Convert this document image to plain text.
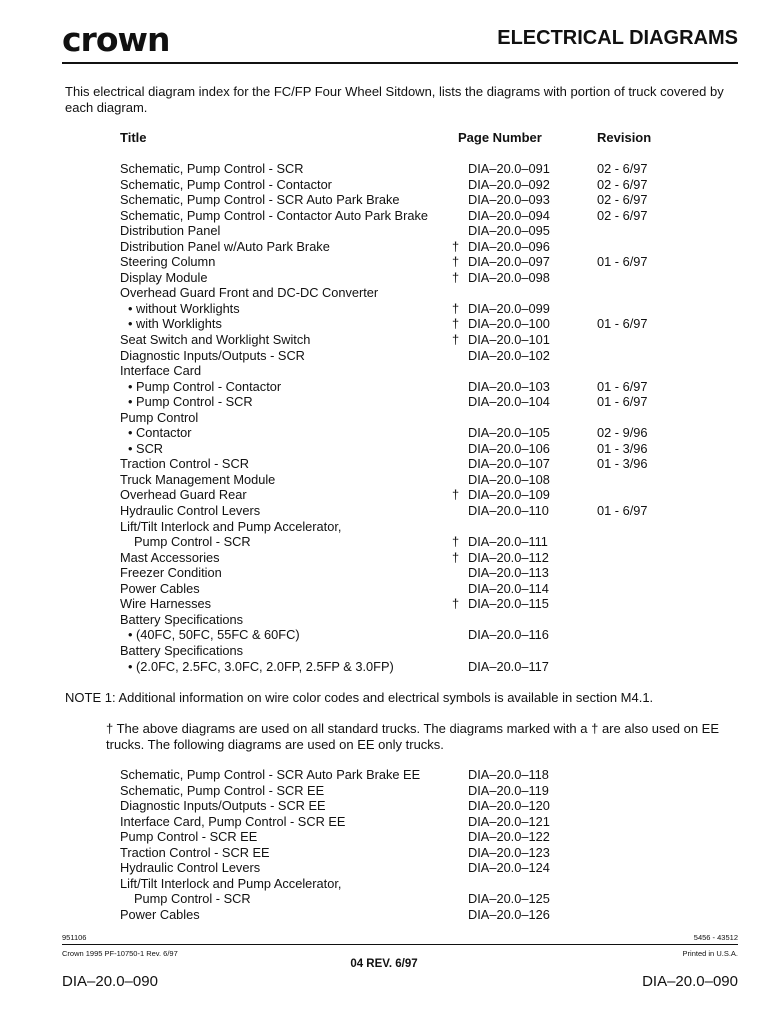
crown	ELECTRICAL DIAGRAMS
This electrical diagram index for the FC/FP Four Wheel Sitdown, lists the diagrams with portion of truck covered by each diagram.
Title	Page Number	Revision
Schematic, Pump Control - SCR	DIA–20.0–091	02 - 6/97
Schematic, Pump Control - Contactor	DIA–20.0–092	02 - 6/97
Schematic, Pump Control - SCR Auto Park Brake	DIA–20.0–093	02 - 6/97
Schematic, Pump Control - Contactor Auto Park Brake	DIA–20.0–094	02 - 6/97
Distribution Panel	DIA–20.0–095
Distribution Panel w/Auto Park Brake	† DIA–20.0–096
Steering Column	† DIA–20.0–097	01 - 6/97
Display Module	† DIA–20.0–098
Overhead Guard Front and DC-DC Converter
• without Worklights	† DIA–20.0–099
• with Worklights	† DIA–20.0–100	01 - 6/97
Seat Switch and Worklight Switch	† DIA–20.0–101
Diagnostic Inputs/Outputs - SCR	DIA–20.0–102
Interface Card
• Pump Control - Contactor	DIA–20.0–103	01 - 6/97
• Pump Control - SCR	DIA–20.0–104	01 - 6/97
Pump Control
• Contactor	DIA–20.0–105	02 - 9/96
• SCR	DIA–20.0–106	01 - 3/96
Traction Control - SCR	DIA–20.0–107	01 - 3/96
Truck Management Module	DIA–20.0–108
Overhead Guard Rear	† DIA–20.0–109
Hydraulic Control Levers	DIA–20.0–110	01 - 6/97
Lift/Tilt Interlock and Pump Accelerator,
Pump Control - SCR	† DIA–20.0–111
Mast Accessories	† DIA–20.0–112
Freezer Condition	DIA–20.0–113
Power Cables	DIA–20.0–114
Wire Harnesses	† DIA–20.0–115
Battery Specifications
• (40FC, 50FC, 55FC & 60FC)	DIA–20.0–116
Battery Specifications
• (2.0FC, 2.5FC, 3.0FC, 2.0FP, 2.5FP & 3.0FP)	DIA–20.0–117
NOTE 1: Additional information on wire color codes and electrical symbols is available in section M4.1.
† The above diagrams are used on all standard trucks. The diagrams marked with a † are also used on EE trucks. The following diagrams are used on EE only trucks.
Schematic, Pump Control - SCR Auto Park Brake EE	DIA–20.0–118
Schematic, Pump Control - SCR EE	DIA–20.0–119
Diagnostic Inputs/Outputs - SCR EE	DIA–20.0–120
Interface Card, Pump Control - SCR EE	DIA–20.0–121
Pump Control - SCR EE	DIA–20.0–122
Traction Control - SCR EE	DIA–20.0–123
Hydraulic Control Levers	DIA–20.0–124
Lift/Tilt Interlock and Pump Accelerator,
Pump Control - SCR	DIA–20.0–125
Power Cables	DIA–20.0–126
951106	5456 - 43512
Crown 1995 PF-10750-1 Rev. 6/97	Printed in U.S.A.
04 REV. 6/97
DIA–20.0–090	DIA–20.0–090
